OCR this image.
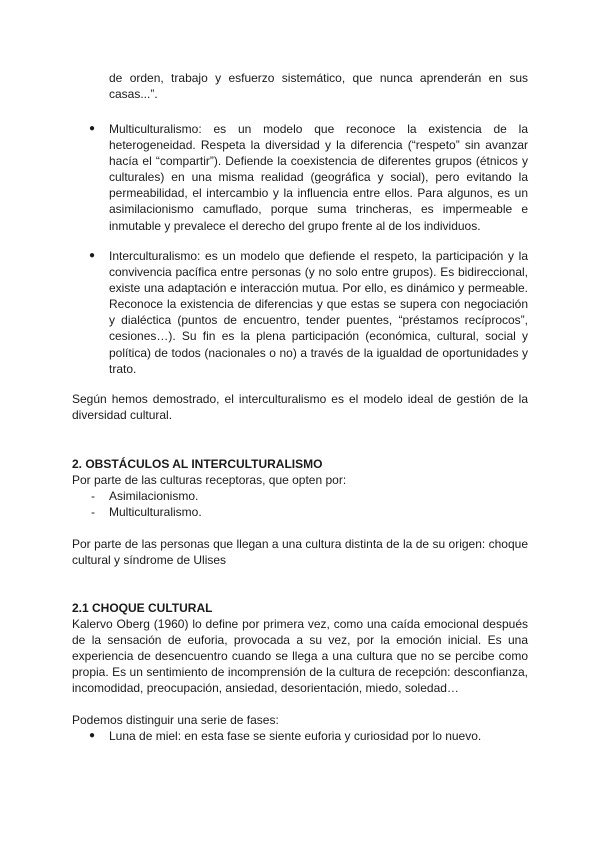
de orden, trabajo y esfuerzo sistemático, que nunca aprenderán en sus casas...”.

● Multiculturalismo: es un modelo que reconoce la existencia de la heterogeneidad. Respeta la diversidad y la diferencia (“respeto” sin avanzar hacía el “compartir”). Defiende la coexistencia de diferentes grupos (étnicos y culturales) en una misma realidad (geográfica y social), pero evitando la permeabilidad, el intercambio y la influencia entre ellos. Para algunos, es un asimilacionismo camuflado, porque suma trincheras, es impermeable e inmutable y prevalece el derecho del grupo frente al de los individuos.

● Interculturalismo: es un modelo que defiende el respeto, la participación y la convivencia pacífica entre personas (y no solo entre grupos). Es bidireccional, existe una adaptación e interacción mutua. Por ello, es dinámico y permeable. Reconoce la existencia de diferencias y que estas se supera con negociación y dialéctica (puntos de encuentro, tender puentes, “préstamos recíprocos”, cesiones…). Su fin es la plena participación (económica, cultural, social y política) de todos (nacionales o no) a través de la igualdad de oportunidades y trato.

Según hemos demostrado, el interculturalismo es el modelo ideal de gestión de la diversidad cultural.

2. OBSTÁCULOS AL INTERCULTURALISMO

Por parte de las culturas receptoras, que opten por:

- Asimilacionismo.
- Multiculturalismo.

Por parte de las personas que llegan a una cultura distinta de la de su origen: choque cultural y síndrome de Ulises

2.1 CHOQUE CULTURAL

Kalervo Oberg (1960) lo define por primera vez, como una caída emocional después de la sensación de euforia, provocada a su vez, por la emoción inicial. Es una experiencia de desencuentro cuando se llega a una cultura que no se percibe como propia. Es un sentimiento de incomprensión de la cultura de recepción: desconfianza, incomodidad, preocupación, ansiedad, desorientación, miedo, soledad…

Podemos distinguir una serie de fases:

● Luna de miel: en esta fase se siente euforia y curiosidad por lo nuevo.
